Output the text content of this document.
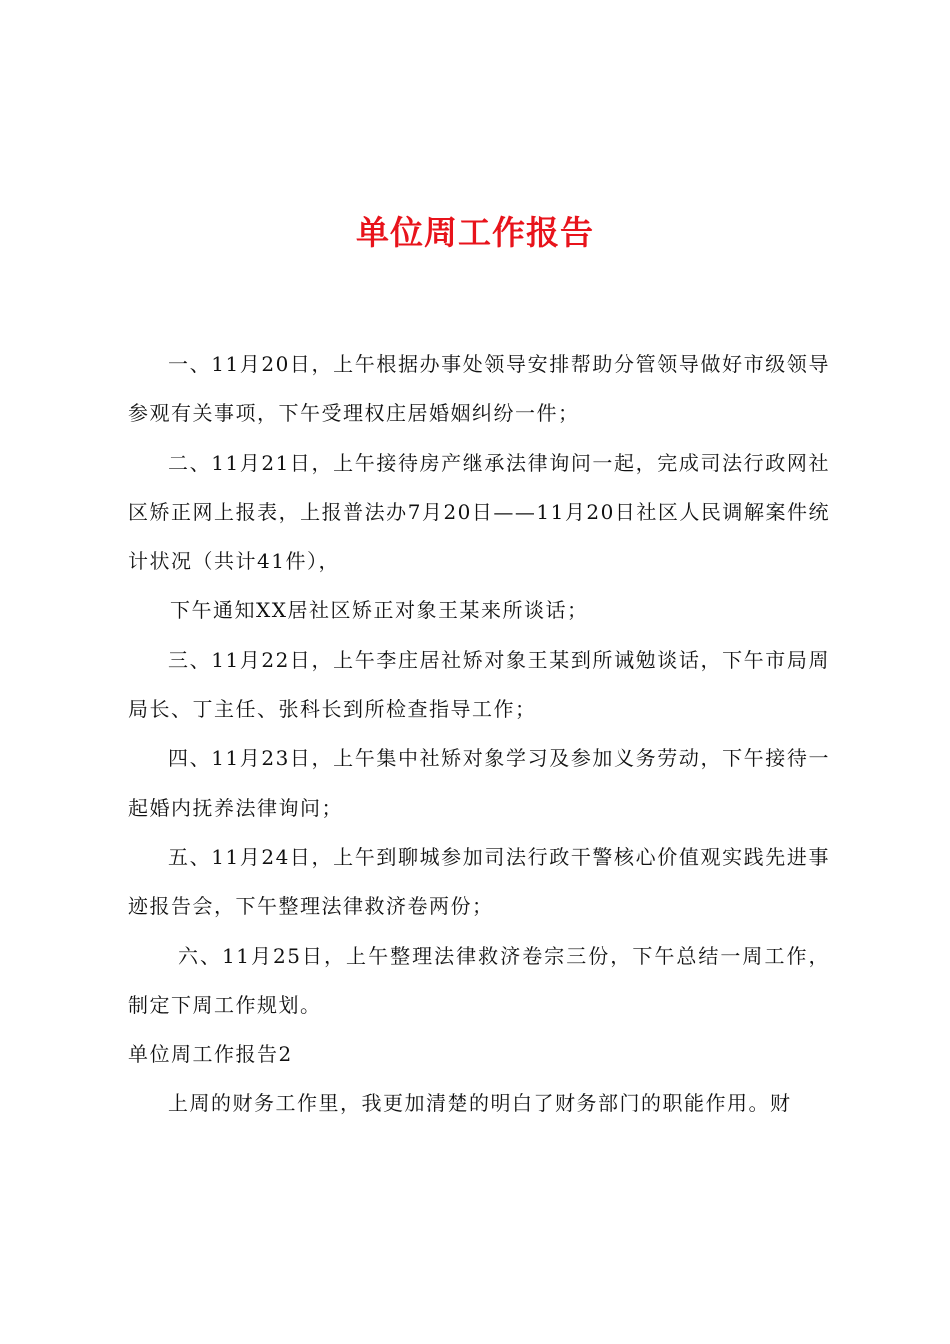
单位周工作报告

一、11月20日，上午根据办事处领导安排帮助分管领导做好市级领导参观有关事项，下午受理权庄居婚姻纠纷一件；

二、11月21日，上午接待房产继承法律询问一起，完成司法行政网社区矫正网上报表，上报普法办7月20日——11月20日社区人民调解案件统计状况（共计41件），

下午通知XX居社区矫正对象王某来所谈话；

三、11月22日，上午李庄居社矫对象王某到所诫勉谈话，下午市局周局长、丁主任、张科长到所检查指导工作；

四、11月23日，上午集中社矫对象学习及参加义务劳动，下午接待一起婚内抚养法律询问；

五、11月24日，上午到聊城参加司法行政干警核心价值观实践先进事迹报告会，下午整理法律救济卷两份；

六、11月25日，上午整理法律救济卷宗三份，下午总结一周工作，制定下周工作规划。

单位周工作报告2

上周的财务工作里，我更加清楚的明白了财务部门的职能作用。财
